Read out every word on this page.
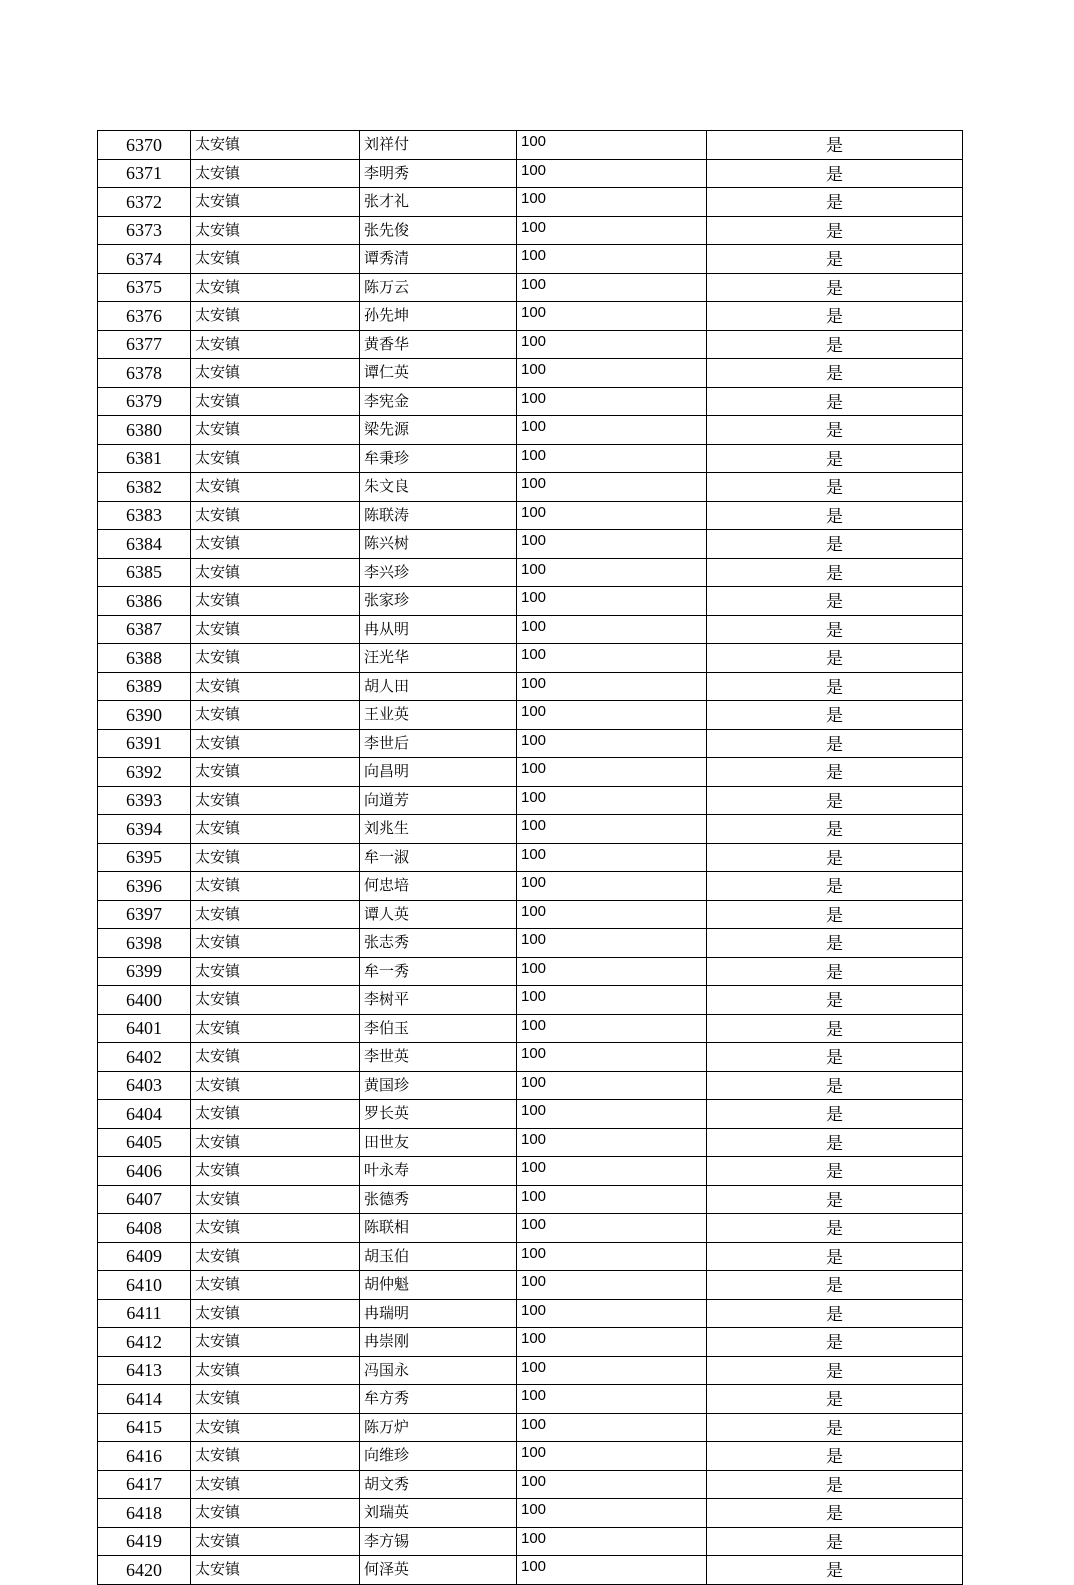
6370	太安镇	刘祥付	100	是
6371	太安镇	李明秀	100	是
6372	太安镇	张才礼	100	是
6373	太安镇	张先俊	100	是
6374	太安镇	谭秀清	100	是
6375	太安镇	陈万云	100	是
6376	太安镇	孙先坤	100	是
6377	太安镇	黄香华	100	是
6378	太安镇	谭仁英	100	是
6379	太安镇	李宪金	100	是
6380	太安镇	梁先源	100	是
6381	太安镇	牟秉珍	100	是
6382	太安镇	朱文良	100	是
6383	太安镇	陈联涛	100	是
6384	太安镇	陈兴树	100	是
6385	太安镇	李兴珍	100	是
6386	太安镇	张家珍	100	是
6387	太安镇	冉从明	100	是
6388	太安镇	汪光华	100	是
6389	太安镇	胡人田	100	是
6390	太安镇	王业英	100	是
6391	太安镇	李世后	100	是
6392	太安镇	向昌明	100	是
6393	太安镇	向道芳	100	是
6394	太安镇	刘兆生	100	是
6395	太安镇	牟一淑	100	是
6396	太安镇	何忠培	100	是
6397	太安镇	谭人英	100	是
6398	太安镇	张志秀	100	是
6399	太安镇	牟一秀	100	是
6400	太安镇	李树平	100	是
6401	太安镇	李伯玉	100	是
6402	太安镇	李世英	100	是
6403	太安镇	黄国珍	100	是
6404	太安镇	罗长英	100	是
6405	太安镇	田世友	100	是
6406	太安镇	叶永寿	100	是
6407	太安镇	张德秀	100	是
6408	太安镇	陈联相	100	是
6409	太安镇	胡玉伯	100	是
6410	太安镇	胡仲魁	100	是
6411	太安镇	冉瑞明	100	是
6412	太安镇	冉崇刚	100	是
6413	太安镇	冯国永	100	是
6414	太安镇	牟方秀	100	是
6415	太安镇	陈万炉	100	是
6416	太安镇	向维珍	100	是
6417	太安镇	胡文秀	100	是
6418	太安镇	刘瑞英	100	是
6419	太安镇	李方锡	100	是
6420	太安镇	何泽英	100	是
